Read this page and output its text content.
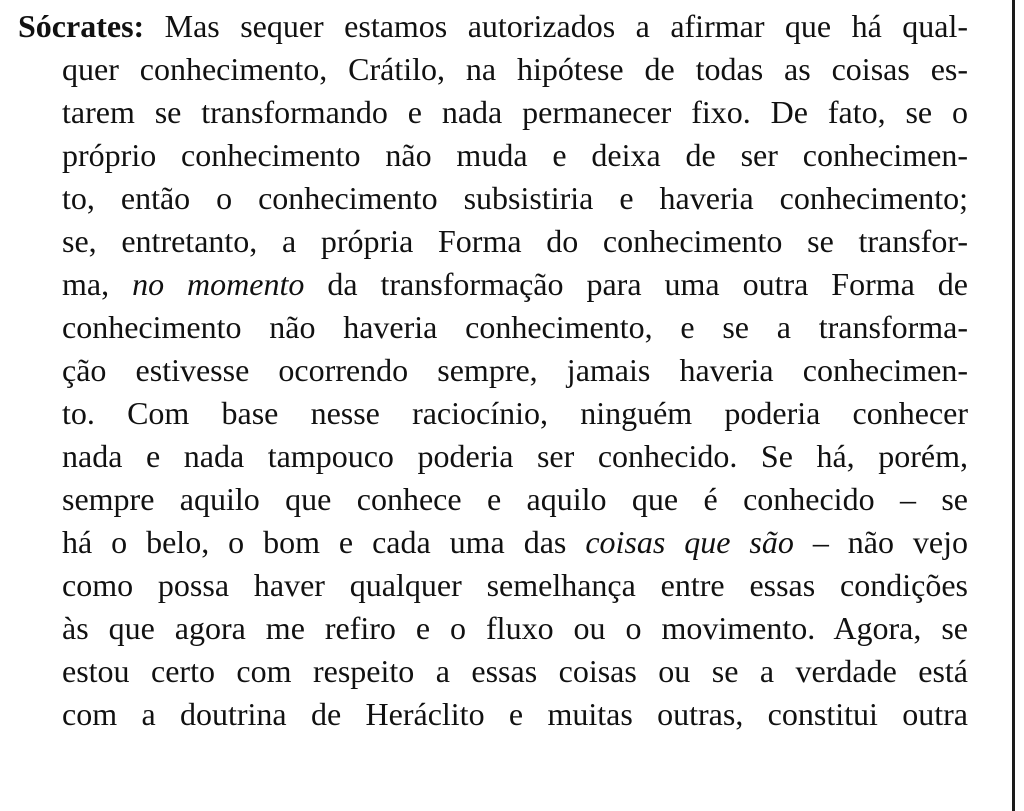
Sócrates: Mas sequer estamos autorizados a afirmar que há qual-
quer conhecimento, Crátilo, na hipótese de todas as coisas es-
tarem se transformando e nada permanecer fixo. De fato, se o
próprio conhecimento não muda e deixa de ser conhecimen-
to, então o conhecimento subsistiria e haveria conhecimento;
se, entretanto, a própria Forma do conhecimento se transfor-
ma, no momento da transformação para uma outra Forma de
conhecimento não haveria conhecimento, e se a transforma-
ção estivesse ocorrendo sempre, jamais haveria conhecimen-
to. Com base nesse raciocínio, ninguém poderia conhecer
nada e nada tampouco poderia ser conhecido. Se há, porém,
sempre aquilo que conhece e aquilo que é conhecido – se
há o belo, o bom e cada uma das coisas que são – não vejo
como possa haver qualquer semelhança entre essas condições
às que agora me refiro e o fluxo ou o movimento. Agora, se
estou certo com respeito a essas coisas ou se a verdade está
com a doutrina de Heráclito e muitas outras, constitui outra
